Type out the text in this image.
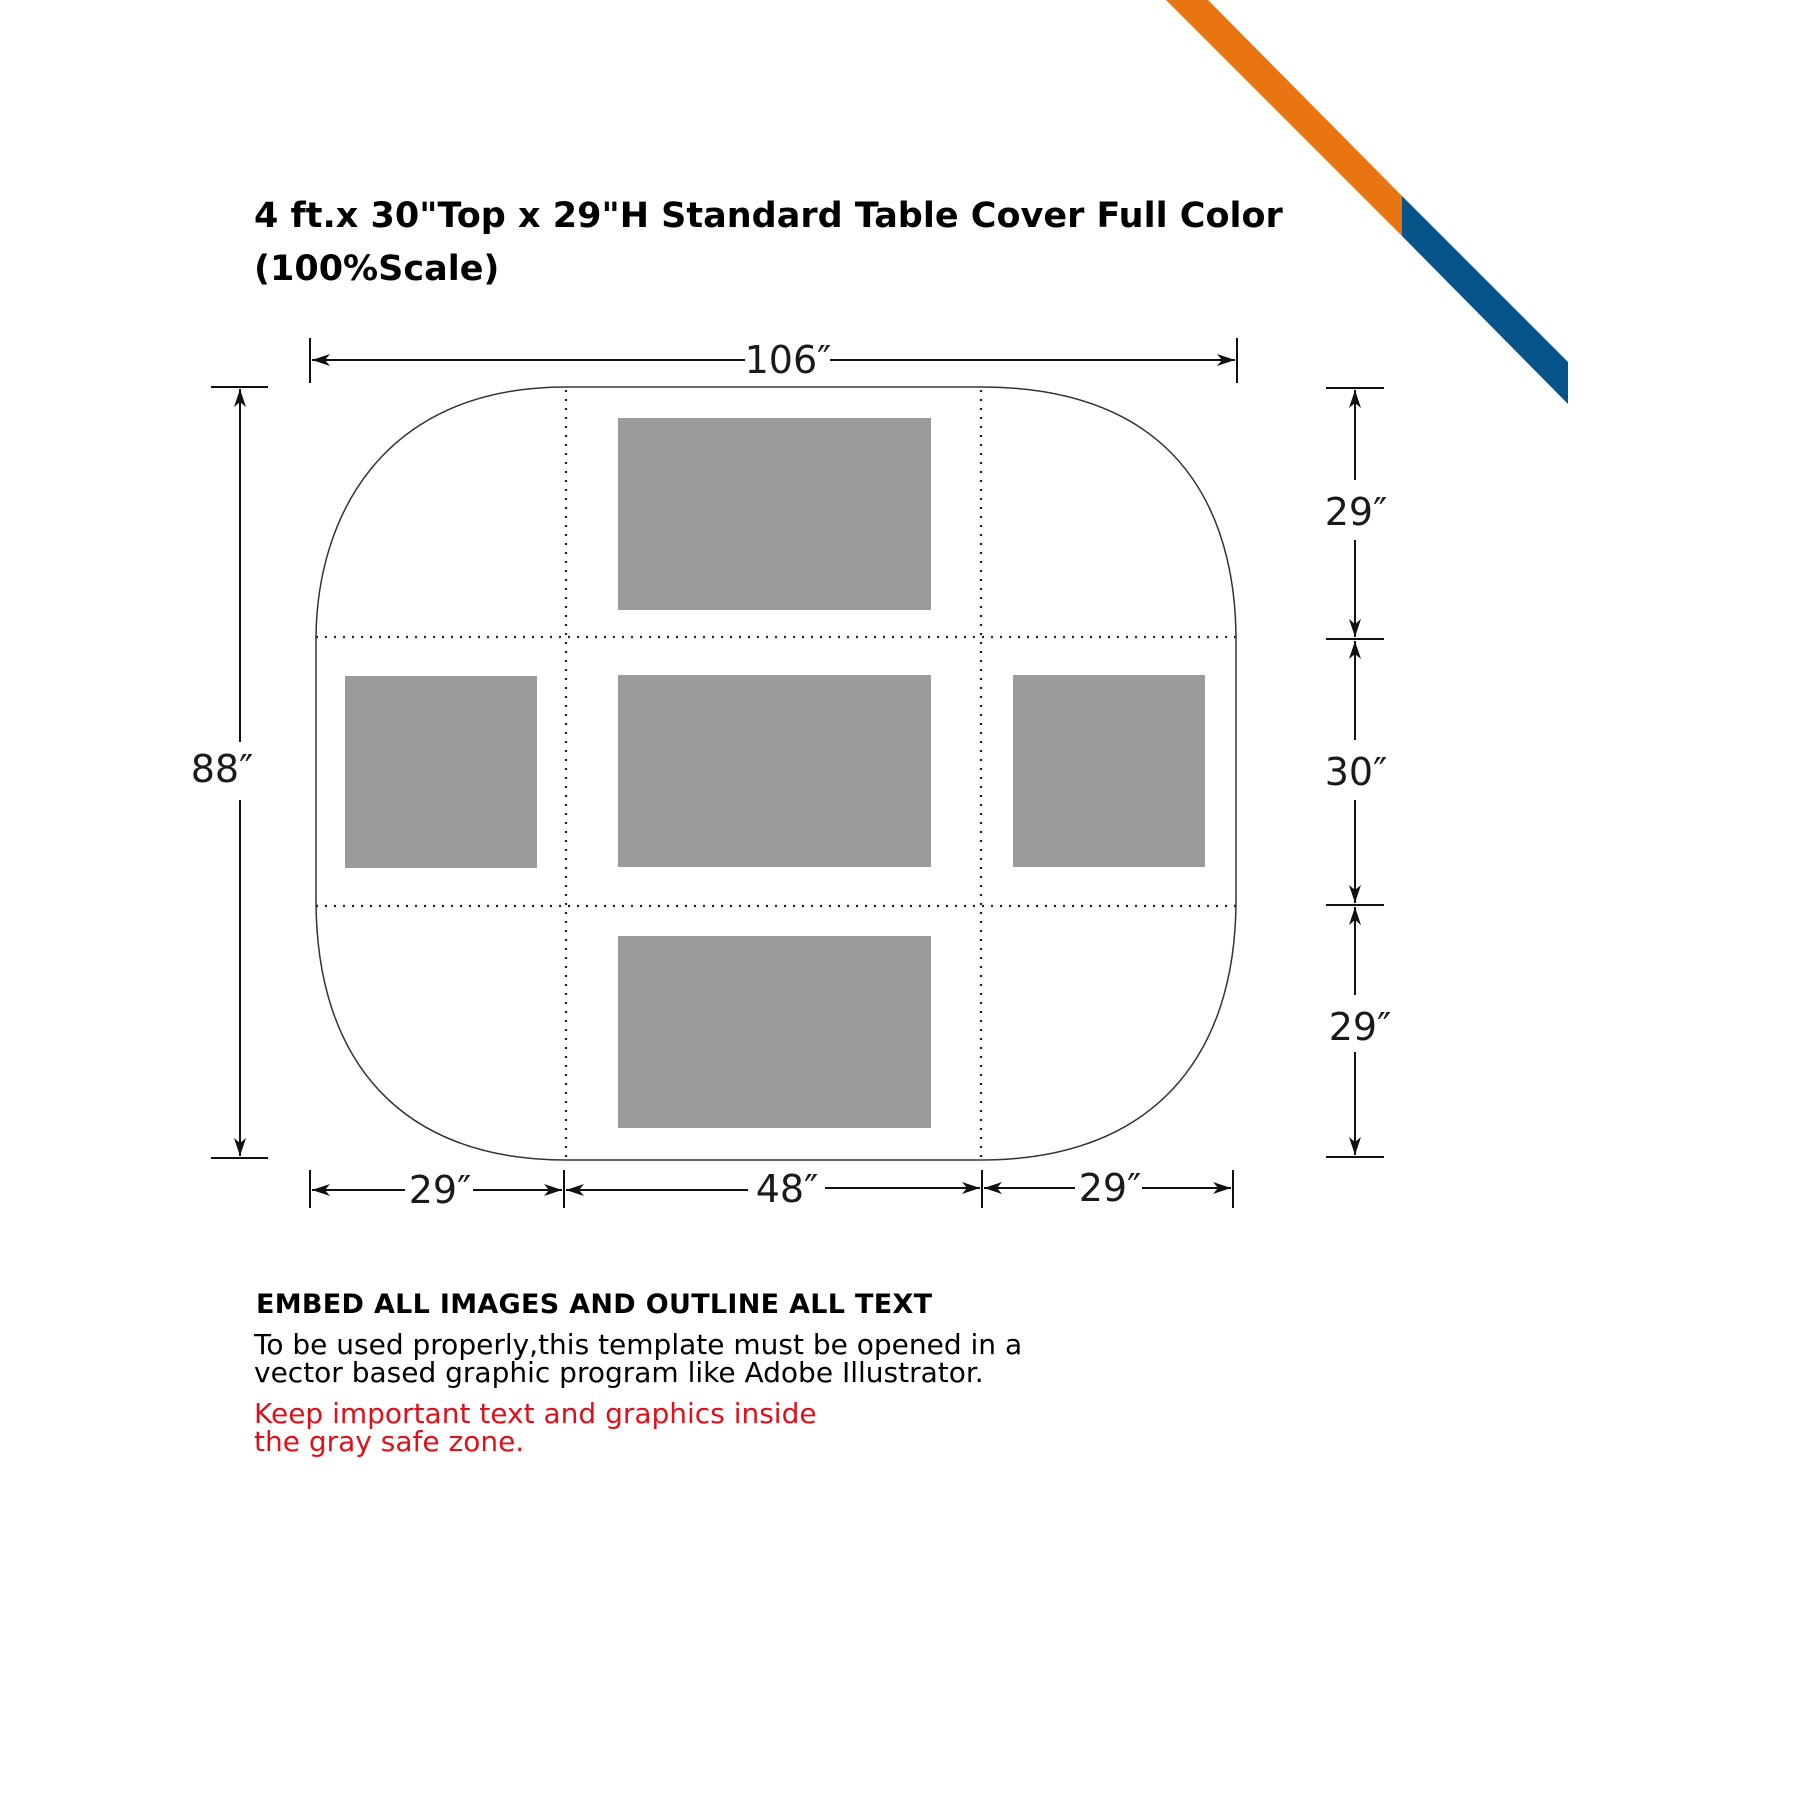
106″
88″
29″
30″
29″
29″	48″	29″
4 ft.x 30"Top x 29"H Standard Table Cover Full Color
(100%Scale)
EMBED ALL IMAGES AND OUTLINE ALL TEXT
To be used properly,this template must be opened in a
vector based graphic program like Adobe Illustrator.
Keep important text and graphics inside
the gray safe zone.
